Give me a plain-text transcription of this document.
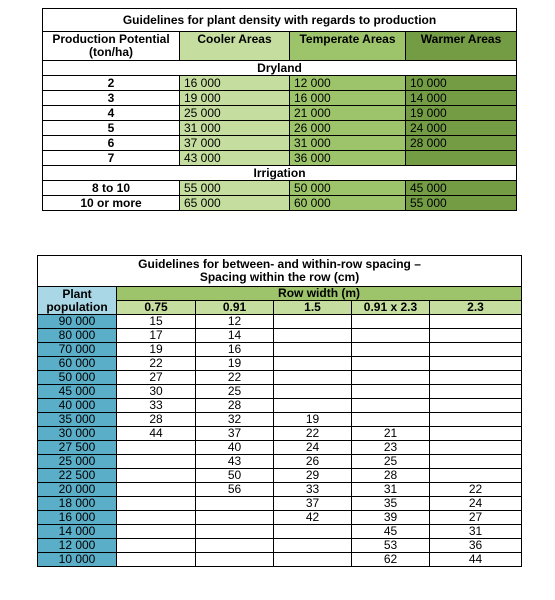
Guidelines for plant density with regards to production			
Production Potential
(ton/ha)	Cooler Areas	Temperate Areas	Warmer Areas
Dryland			
2	16 000	12 000	10 000
3	19 000	16 000	14 000
4	25 000	21 000	19 000
5	31 000	26 000	24 000
6	37 000	31 000	28 000
7	43 000	36 000	
Irrigation			
8 to 10	55 000	50 000	45 000
10 or more	65 000	60 000	55 000
Guidelines for between- and within-row spacing –
Spacing within the row (cm)					
Plant
population	Row width (m)				
	0.75	0.91	1.5	0.91 x 2.3	2.3
90 000	15	12			
80 000	17	14			
70 000	19	16			
60 000	22	19			
50 000	27	22			
45 000	30	25			
40 000	33	28			
35 000	28	32	19		
30 000	44	37	22	21	
27 500		40	24	23	
25 000		43	26	25	
22 500		50	29	28	
20 000		56	33	31	22
18 000			37	35	24
16 000			42	39	27
14 000				45	31
12 000				53	36
10 000				62	44
